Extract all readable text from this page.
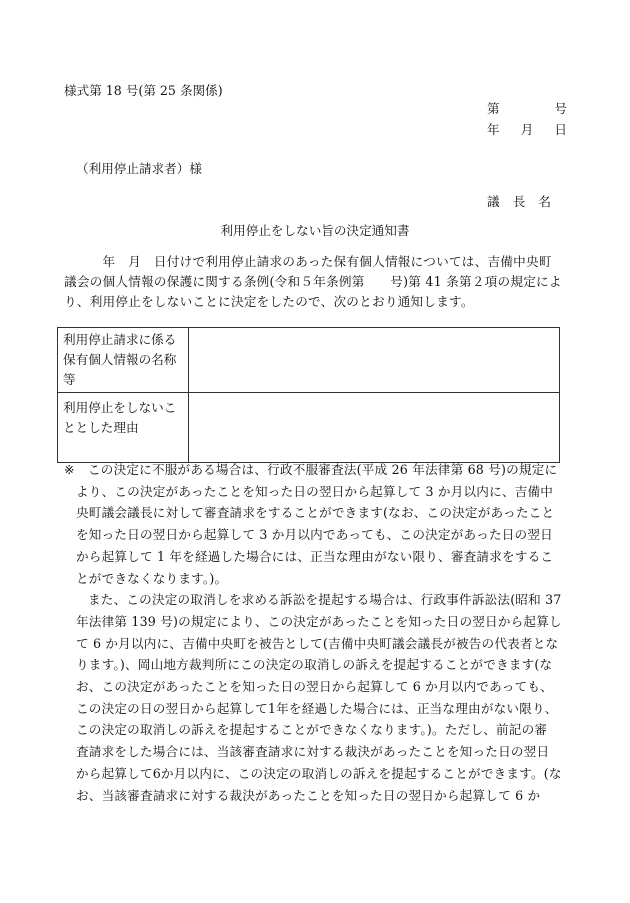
様式第 18 号(第 25 条関係)
第	号
年 月 日
（利用停止請求者）様
議 長 名
利用停止をしない旨の決定通知書

　　　年　月　日付けで利用停止請求のあった保有個人情報については、吉備中央町

議会の個人情報の保護に関する条例(令和５年条例第　　号)第 41 条第２項の規定によ

り、利用停止をしないことに決定をしたので、次のとおり通知します。

利用停止請求に係る
保有個人情報の名称
等	

利用停止をしないこ
ととした理由	

※ この決定に不服がある場合は、行政不服審査法(平成 26 年法律第 68 号)の規定に

より、この決定があったことを知った日の翌日から起算して 3 か月以内に、吉備中

央町議会議長に対して審査請求をすることができます(なお、この決定があったこと

を知った日の翌日から起算して 3 か月以内であっても、この決定があった日の翌日

から起算して 1 年を経過した場合には、正当な理由がない限り、審査請求をするこ

とができなくなります。)。

また、この決定の取消しを求める訴訟を提起する場合は、行政事件訴訟法(昭和 37

年法律第 139 号)の規定により、この決定があったことを知った日の翌日から起算し

て 6 か月以内に、吉備中央町を被告として(吉備中央町議会議長が被告の代表者とな

ります。)、岡山地方裁判所にこの決定の取消しの訴えを提起することができます(な

お、この決定があったことを知った日の翌日から起算して 6 か月以内であっても、

この決定の日の翌日から起算して1年を経過した場合には、正当な理由がない限り、

この決定の取消しの訴えを提起することができなくなります。)。ただし、前記の審

査請求をした場合には、当該審査請求に対する裁決があったことを知った日の翌日

から起算して6か月以内に、この決定の取消しの訴えを提起することができます。(な

お、当該審査請求に対する裁決があったことを知った日の翌日から起算して 6 か
